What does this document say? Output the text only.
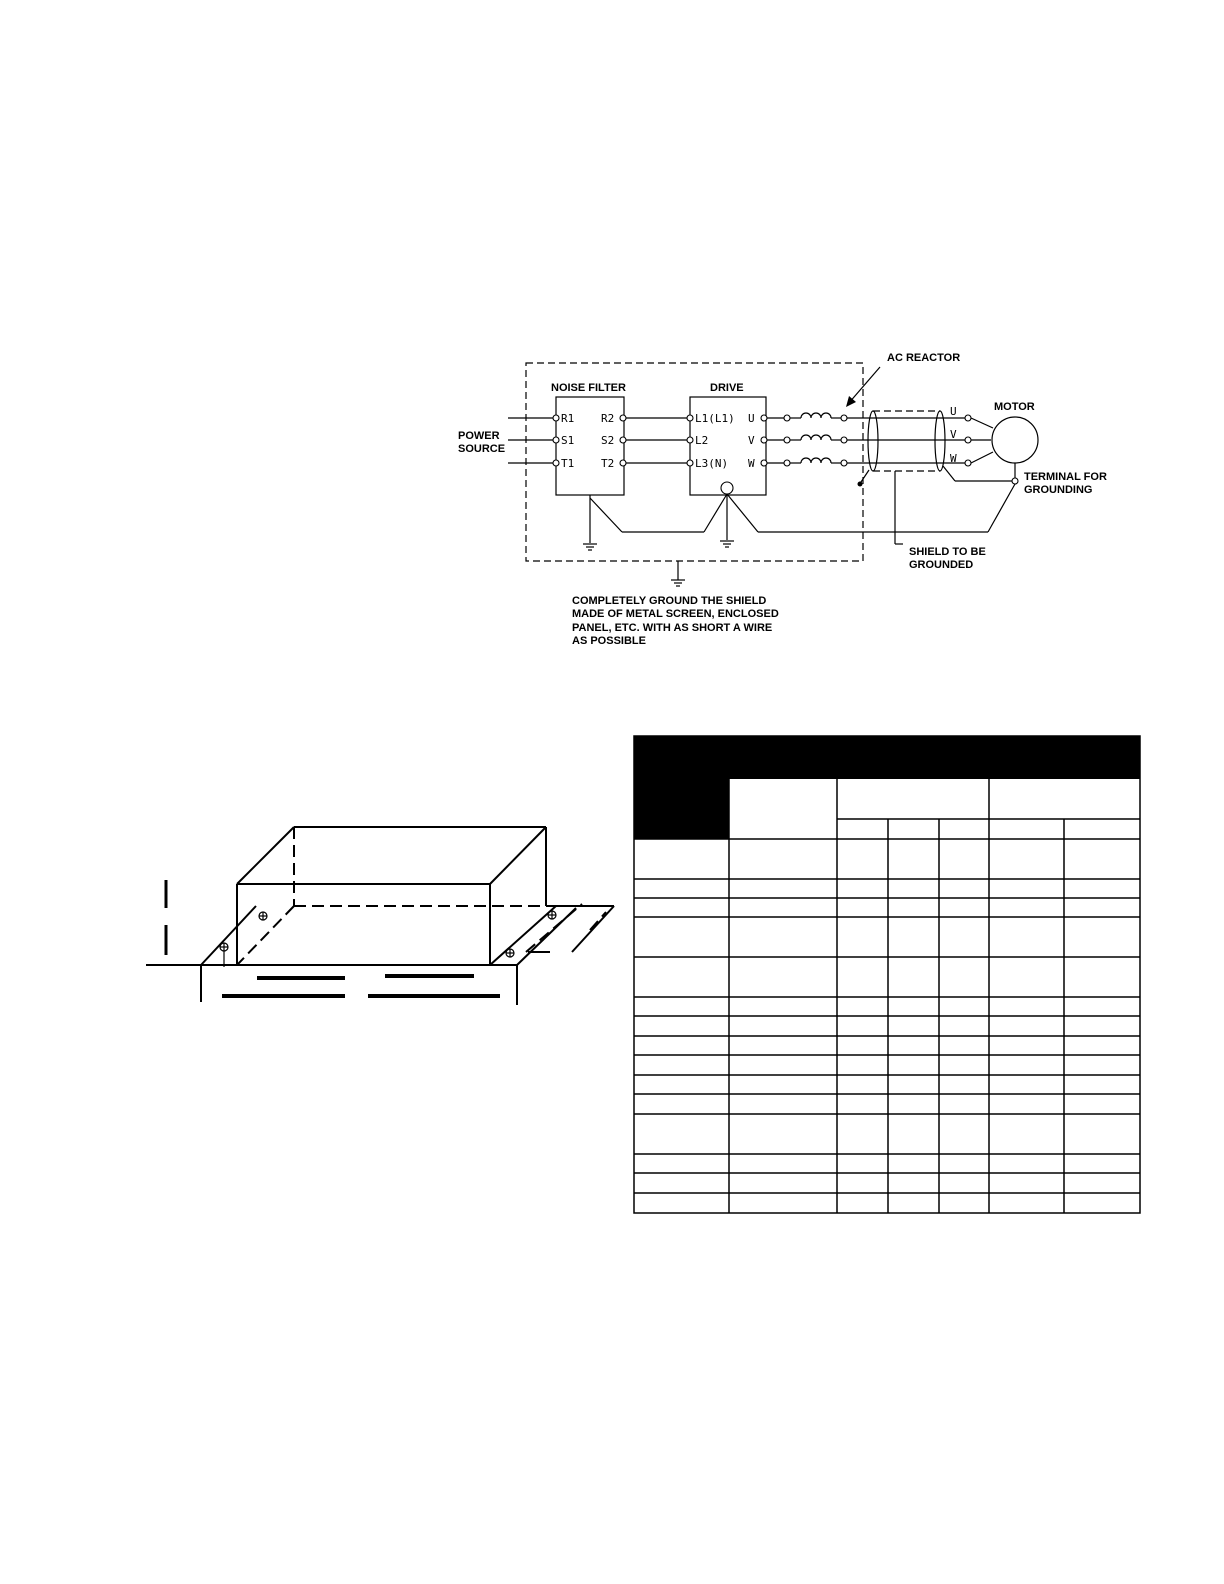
NOISE FILTER	DRIVE
POWER
SOURCE
R1
S1
T1
R2
S2
T2
L1(L1)
L2
L3(N)
U
V
W
AC REACTOR
U
V
W
MOTOR
TERMINAL FOR
GROUNDING
SHIELD TO BE
GROUNDED
COMPLETELY GROUND THE SHIELD
MADE OF METAL SCREEN, ENCLOSED
PANEL, ETC. WITH AS SHORT A WIRE
AS POSSIBLE
